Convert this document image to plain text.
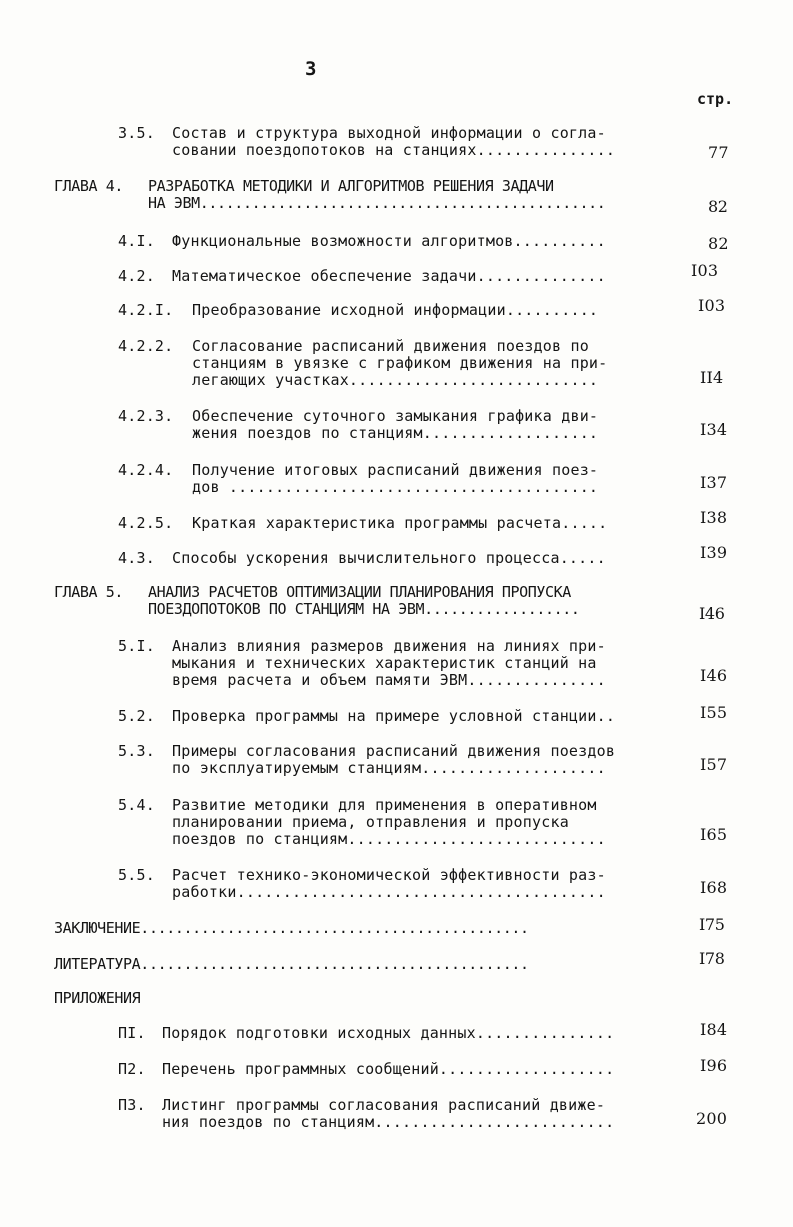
3
стр.
3.5. Состав и структура выходной информации о согла-
совании поездопотоков на станциях...............	77
ГЛАВА 4. РАЗРАБОТКА МЕТОДИКИ И АЛГОРИТМОВ РЕШЕНИЯ ЗАДАЧИ
НА ЭВМ...............................................	82
4.I. Функциональные возможности алгоритмов..........	82
4.2. Математическое обеспечение задачи..............	I03
4.2.I. Преобразование исходной информации..........	I03
4.2.2. Согласование расписаний движения поездов по
станциям в увязке с графиком движения на при-
легающих участках...........................	II4
4.2.3. Обеспечение суточного замыкания графика дви-
жения поездов по станциям...................	I34
4.2.4. Получение итоговых расписаний движения поез-
дов ........................................	I37
4.2.5. Краткая характеристика программы расчета.....	I38
4.3. Способы ускорения вычислительного процесса.....	I39
ГЛАВА 5. АНАЛИЗ РАСЧЕТОВ ОПТИМИЗАЦИИ ПЛАНИРОВАНИЯ ПРОПУСКА
ПОЕЗДОПОТОКОВ ПО СТАНЦИЯМ НА ЭВМ..................	I46
5.I. Анализ влияния размеров движения на линиях при-
мыкания и технических характеристик станций на
время расчета и объем памяти ЭВМ...............	I46
5.2. Проверка программы на примере условной станции..	I55
5.3. Примеры согласования расписаний движения поездов
по эксплуатируемым станциям....................	I57
5.4. Развитие методики для применения в оперативном
планировании приема, отправления и пропуска
поездов по станциям............................	I65
5.5. Расчет технико-экономической эффективности раз-
работки........................................	I68
ЗАКЛЮЧЕНИЕ.............................................	I75
ЛИТЕРАТУРА.............................................	I78
ПРИЛОЖЕНИЯ
ПI. Порядок подготовки исходных данных...............	I84
П2. Перечень программных сообщений...................	I96
П3. Листинг программы согласования расписаний движе-
ния поездов по станциям..........................	200
